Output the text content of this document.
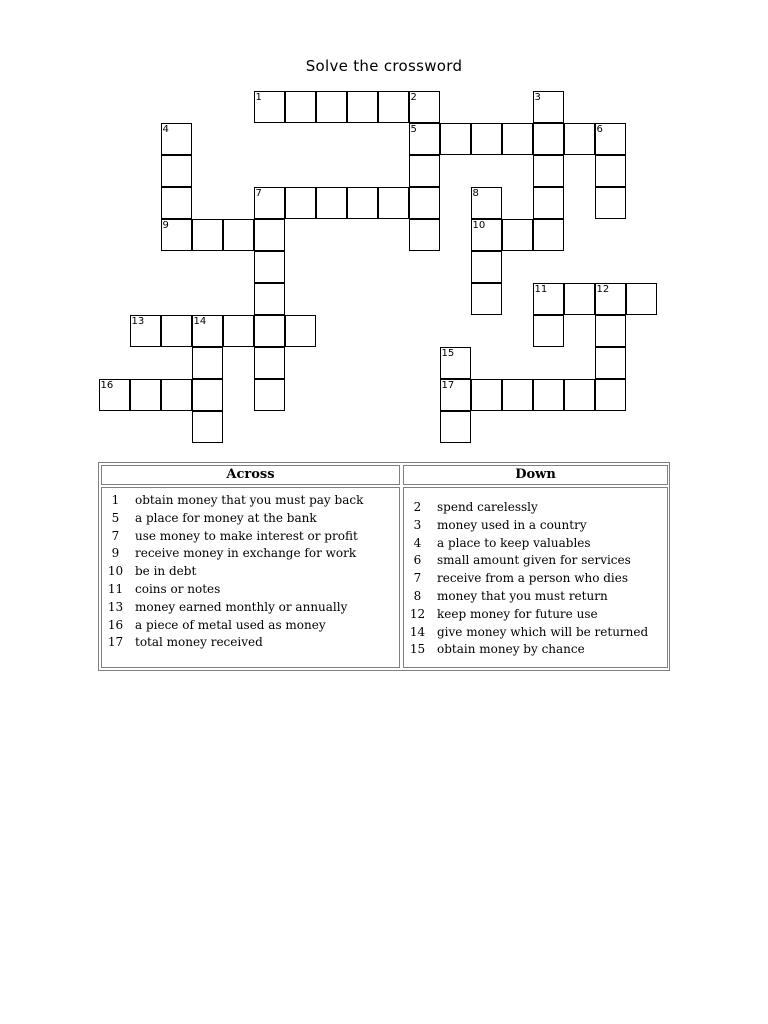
Solve the crossword
1	2	3
4	5	6
7	8
9	10
11	12
13	14
15
16	17
Across	Down
1	obtain money that you must pay back
5	a place for money at the bank
7	use money to make interest or profit
9	receive money in exchange for work
10 be in debt
11 coins or notes
13 money earned monthly or annually
16 a piece of metal used as money
17 total money received
2	spend carelessly
3	money used in a country
4	a place to keep valuables
6	small amount given for services
7	receive from a person who dies
8	money that you must return
12 keep money for future use
14 give money which will be returned
15 obtain money by chance
